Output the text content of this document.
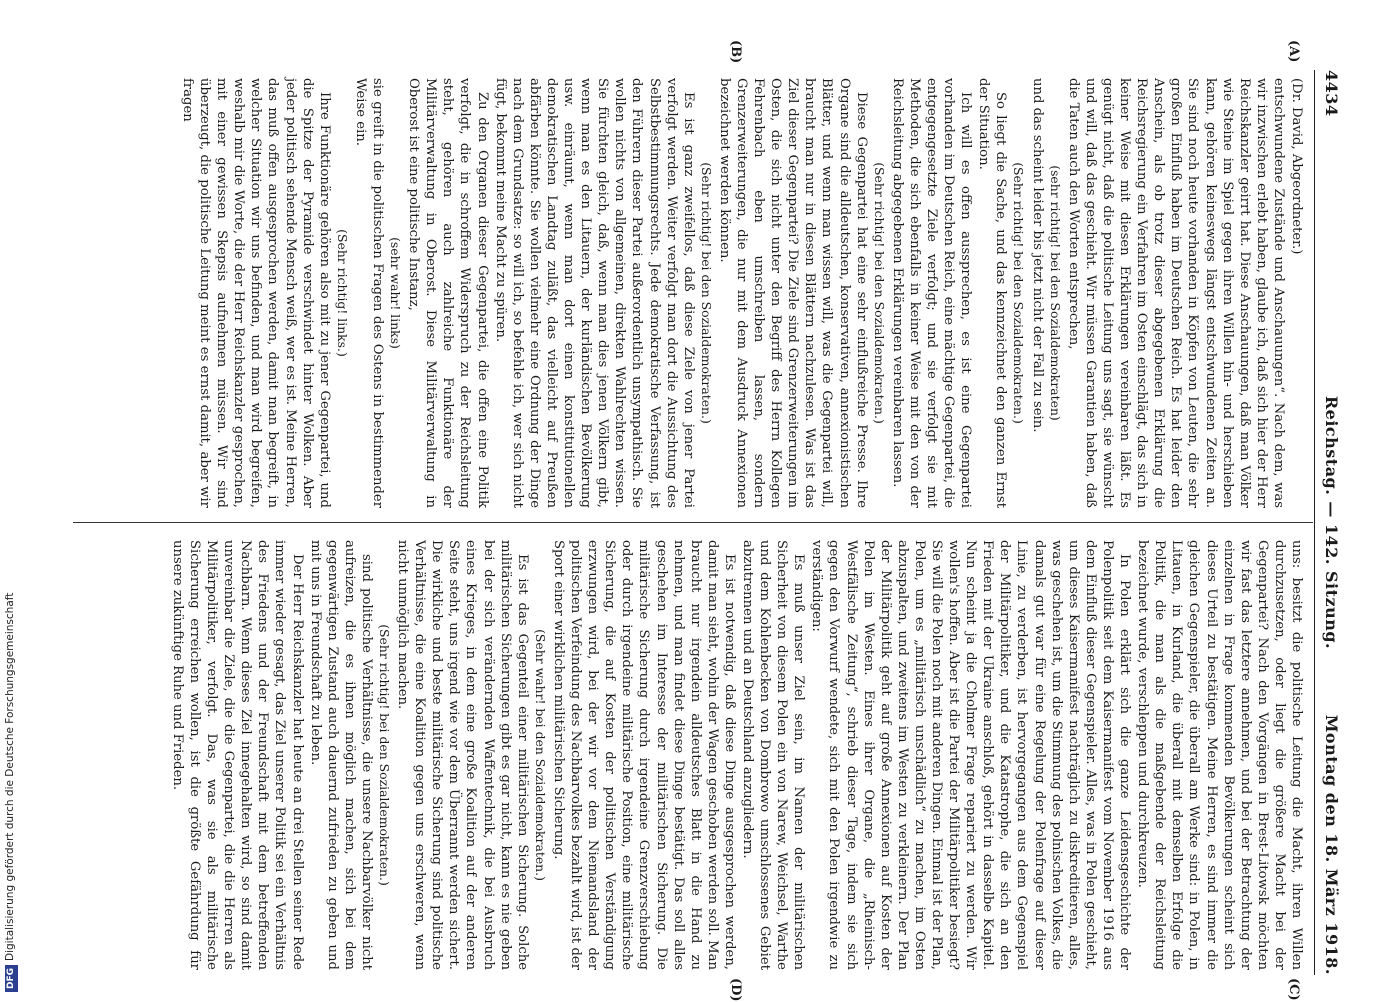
4434
Reichstag. — 142. Sitzung.
Montag den 18. März 1918.
(A)
(B)
(C)
(D)

(Dr. David, Abgeordneter.)

entschwundene Zustände und Anschauungen“. Nach dem, was wir inzwischen erlebt haben, glaube ich, daß sich hier der Herr Reichskanzler geirrt hat. Diese Anschauungen, daß man Völker wie Steine im Spiel gegen ihren Willen hin- und herschieben kann, gehören keineswegs längst entschwundenen Zeiten an. Sie sind noch heute vorhanden in Köpfen von Leuten, die sehr großen Einfluß haben im Deutschen Reich. Es hat leider den Anschein, als ob trotz dieser abgegebenen Erklärung die Reichsregierung ein Verfahren im Osten einschlägt, das sich in keiner Weise mit diesen Erklärungen vereinbaren läßt. Es genügt nicht, daß die politische Leitung uns sagt, sie wünscht und will, daß das geschieht. Wir müssen Garantien haben, daß die Taten auch den Worten entsprechen,

(sehr richtig! bei den Sozialdemokraten)

und das scheint leider bis jetzt nicht der Fall zu sein.

(Sehr richtig! bei den Sozialdemokraten.)

So liegt die Sache, und das kennzeichnet den ganzen Ernst der Situation.

Ich will es offen aussprechen, es ist eine Gegenpartei vorhanden im Deutschen Reich, eine mächtige Gegenpartei, die entgegengesetzte Ziele verfolgt; und sie verfolgt sie mit Methoden, die sich ebenfalls in keiner Weise mit den von der Reichsleitung abgegebenen Erklärungen vereinbaren lassen.

(Sehr richtig! bei den Sozialdemokraten.)

Diese Gegenpartei hat eine sehr einflußreiche Presse. Ihre Organe sind die alldeutschen, konservativen, annexionistischen Blätter, und wenn man wissen will, was die Gegenpartei will, braucht man nur in diesen Blättern nachzulesen. Was ist das Ziel dieser Gegenpartei? Die Ziele sind Grenzerweiterungen im Osten, die sich nicht unter den Begriff des Herrn Kollegen Fehrenbach eben umschreiben lassen, sondern Grenzerweiterungen, die nur mit dem Ausdruck Annexionen bezeichnet werden können.

(Sehr richtig! bei den Sozialdemokraten.)

Es ist ganz zweifellos, daß diese Ziele von jener Partei verfolgt werden. Weiter verfolgt man dort die Aussichtung des Selbstbestimmungsrechts. Jede demokratische Verfassung, ist den Führern dieser Partei außerordentlich unsympathisch. Sie wollen nichts von allgemeinen, direkten Wahlrechten wissen. Sie fürchten gleich, daß, wenn man dies jenen Völkern gibt, wenn man es den Litauern, der kurländischen Bevölkerung usw. einräumt, wenn man dort einen konstitutionellen demokratischen Landtag zuläßt, das vielleicht auf Preußen abfärben könnte. Sie wollen vielmehr eine Ordnung der Dinge nach dem Grundsatze: so will ich, so befehle ich, wer sich nicht fügt, bekommt meine Macht zu spüren.

Zu den Organen dieser Gegenpartei, die offen eine Politik verfolgt, die in schroffem Widerspruch zu der Reichsleitung steht, gehören auch zahlreiche Funktionäre der Militärverwaltung in Oberost. Diese Militärverwaltung in Oberost ist eine politische Instanz,

(sehr wahr! links)

sie greift in die politischen Fragen des Ostens in bestimmender Weise ein.

(Sehr richtig! links.)

Ihre Funktionäre gehören also mit zu jener Gegenpartei, und die Spitze der Pyramide verschwindet hinter Wolken. Aber jeder politisch sehende Mensch weiß, wer es ist. Meine Herren, das muß offen ausgesprochen werden, damit man begreift, in welcher Situation wir uns befinden, und man wird begreifen, weshalb mir die Worte, die der Herr Reichskanzler gesprochen, mit einer gewissen Skepsis aufnehmen müssen. Wir sind überzeugt, die politische Leitung meint es ernst damit, aber wir fragen

uns: besitzt die politische Leitung die Macht, ihren Willen durchzusetzen, oder liegt die größere Macht bei der Gegenpartei? Nach den Vorgängen in Brest-Litowsk möchten wir fast das letztere annehmen, und bei der Betrachtung der einzelnen in Frage kommenden Bevölkerungen scheint sich dieses Urteil zu bestätigen. Meine Herren, es sind immer die gleichen Gegenspieler, die überall am Werke sind: in Polen, in Litauen, in Kurland, die überall mit demselben Erfolge die Politik, die man als die maßgebende der Reichsleitung bezeichnet wurde, verschleppen und durchkreuzen.

In Polen erklärt sich die ganze Leidensgeschichte der Polenpolitik seit dem Kaisermanifest vom November 1916 aus dem Einfluß dieser Gegenspieler. Alles, was in Polen geschieht, um dieses Kaisermanifest nachträglich zu diskreditieren, alles, was geschehen ist, um die Stimmung des polnischen Volkes, die damals gut war für eine Regelung der Polenfrage auf dieser Linie, zu verderben, ist hervorgegangen aus dem Gegenspiel der Militärpolitiker, und die Katastrophe, die sich an den Frieden mit der Ukraine anschloß, gehört in dasselbe Kapitel. Nun scheint ja die Cholmer Frage repariert zu werden. Wir wollen's hoffen. Aber ist die Partei der Militärpolitiker besiegt? Sie will die Polen noch mit anderen Dingen. Einmal ist der Plan, Polen, um es „militärisch unschädlich“ zu machen, im Osten abzuspalten, und zweitens im Westen zu verkleinern. Der Plan der Militärpolitik geht auf große Annexionen auf Kosten der Polen im Westen. Eines ihrer Organe, die „Rheinisch-Westfälische Zeitung“, schrieb dieser Tage, indem sie sich gegen den Vorwurf wendete, sich mit den Polen irgendwie zu verständigen:

Es muß unser Ziel sein, im Namen der militärischen Sicherheit von diesem Polen ein von Narew, Weichsel, Warthe und dem Kohlenbecken von Dombrowo umschlossenes Gebiet abzutrennen und an Deutschland anzugliedern.

Es ist notwendig, daß diese Dinge ausgesprochen werden, damit man sieht, wohin der Wagen geschoben werden soll. Man braucht nur irgendein alldeutsches Blatt in die Hand zu nehmen, und man findet diese Dinge bestätigt. Das soll alles geschehen im Interesse der militärischen Sicherung. Die militärische Sicherung durch irgendeine Grenzverschiebung oder durch irgendeine militärische Position, eine militärische Sicherung, die auf Kosten der politischen Verständigung erzwungen wird, bei der wir vor dem Niemandsland der politischen Verfeindung des Nachbarvolkes bezahlt wird, ist der Sport einer wirklichen militärischen Sicherung.

(Sehr wahr! bei den Sozialdemokraten.)

Es ist das Gegenteil einer militärischen Sicherung. Solche militärischen Sicherungen gibt es gar nicht, kann es nie geben bei der sich verändernden Waffentechnik, die bei Ausbruch eines Krieges, in dem eine große Koalition auf der anderen Seite steht, uns irgend wie vor dem Überrannt werden sichert. Die wirkliche und beste militärische Sicherung sind politische Verhältnisse, die eine Koalition gegen uns erschweren, wenn nicht unmöglich machen.

(Sehr richtig! bei den Sozialdemokraten.)

sind politische Verhältnisse, die unsere Nachbarvölker nicht aufreizen, die es ihnen möglich machen, sich bei dem gegenwärtigen Zustand auch dauernd zufrieden zu geben und mit uns in Freundschaft zu leben.

Der Herr Reichskanzler hat heute an drei Stellen seiner Rede immer wieder gesagt, das Ziel unserer Politik sei ein Verhältnis des Friedens und der Freundschaft mit dem betreffenden Nachbarn. Wenn dieses Ziel innegehalten wird, so sind damit unvereinbar die Ziele, die die Gegenpartei, die die Herren als Militärpolitiker, verfolgt. Das, was sie als militärische Sicherung erreichen wollen, ist die größte Gefährdung für unsere zukünftige Ruhe und Frieden.

DFGDigitalisierung gefördert durch die Deutsche Forschungsgemeinschaft
